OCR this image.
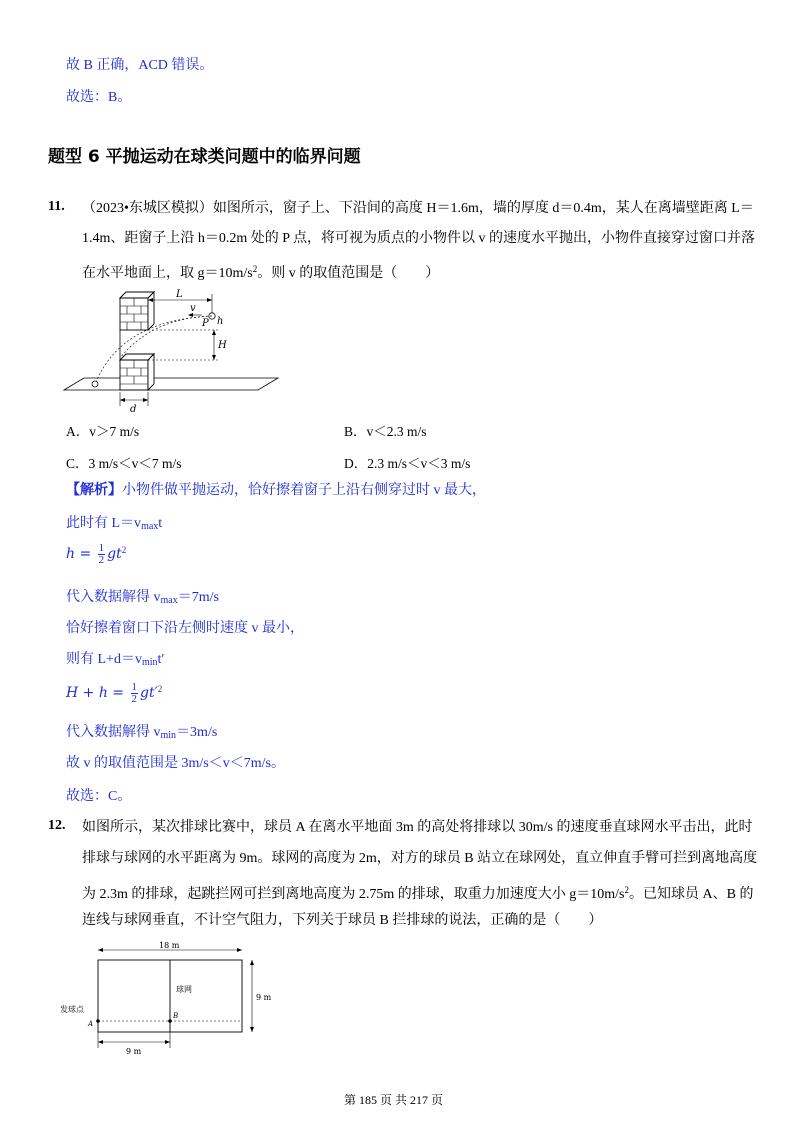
故 B 正确，ACD 错误。
故选：B。
题型 6 平抛运动在球类问题中的临界问题
11. （2023•东城区模拟）如图所示，窗子上、下沿间的高度 H＝1.6m，墙的厚度 d＝0.4m，某人在离墙壁距离 L＝
1.4m、距窗子上沿 h＝0.2m 处的 P 点，将可视为质点的小物件以 v 的速度水平抛出，小物件直接穿过窗口并落
在水平地面上，取 $g=10m/s^2$。则 v 的取值范围是（　　）
L
v
P h
H
d
A．v＞7 m/s	B．v＜2.3 m/s
C．3 m/s＜v＜7 m/s	D．2.3 m/s＜v＜3 m/s
【解析】小物件做平抛运动，恰好擦着窗子上沿右侧穿过时 v 最大，
此时有 $L=v_{max}t$
$h = \frac{1}{2} gt^2$
代入数据解得 $v_{max}=7m/s$
恰好擦着窗口下沿左侧时速度 v 最小，
则有 $L+d=v_{min}t'$
$H + h = \frac{1}{2} gt'^2$
代入数据解得 $v_{min}=3m/s$
故 v 的取值范围是 3m/s＜v＜7m/s。
故选：C。
12. 如图所示，某次排球比赛中，球员 A 在离水平地面 3m 的高处将排球以 30m/s 的速度垂直球网水平击出，此时
排球与球网的水平距离为 9m。球网的高度为 2m，对方的球员 B 站立在球网处，直立伸直手臂可拦到离地高度
为 2.3m 的排球，起跳拦网可拦到离地高度为 2.75m 的排球，取重力加速度大小 $g=10m/s^2$。已知球员 A、B 的
连线与球网垂直，不计空气阻力，下列关于球员 B 拦排球的说法，正确的是（　　）
18 m
球网
9 m
发球点
A
B
9 m
第 185 页 共 217 页
